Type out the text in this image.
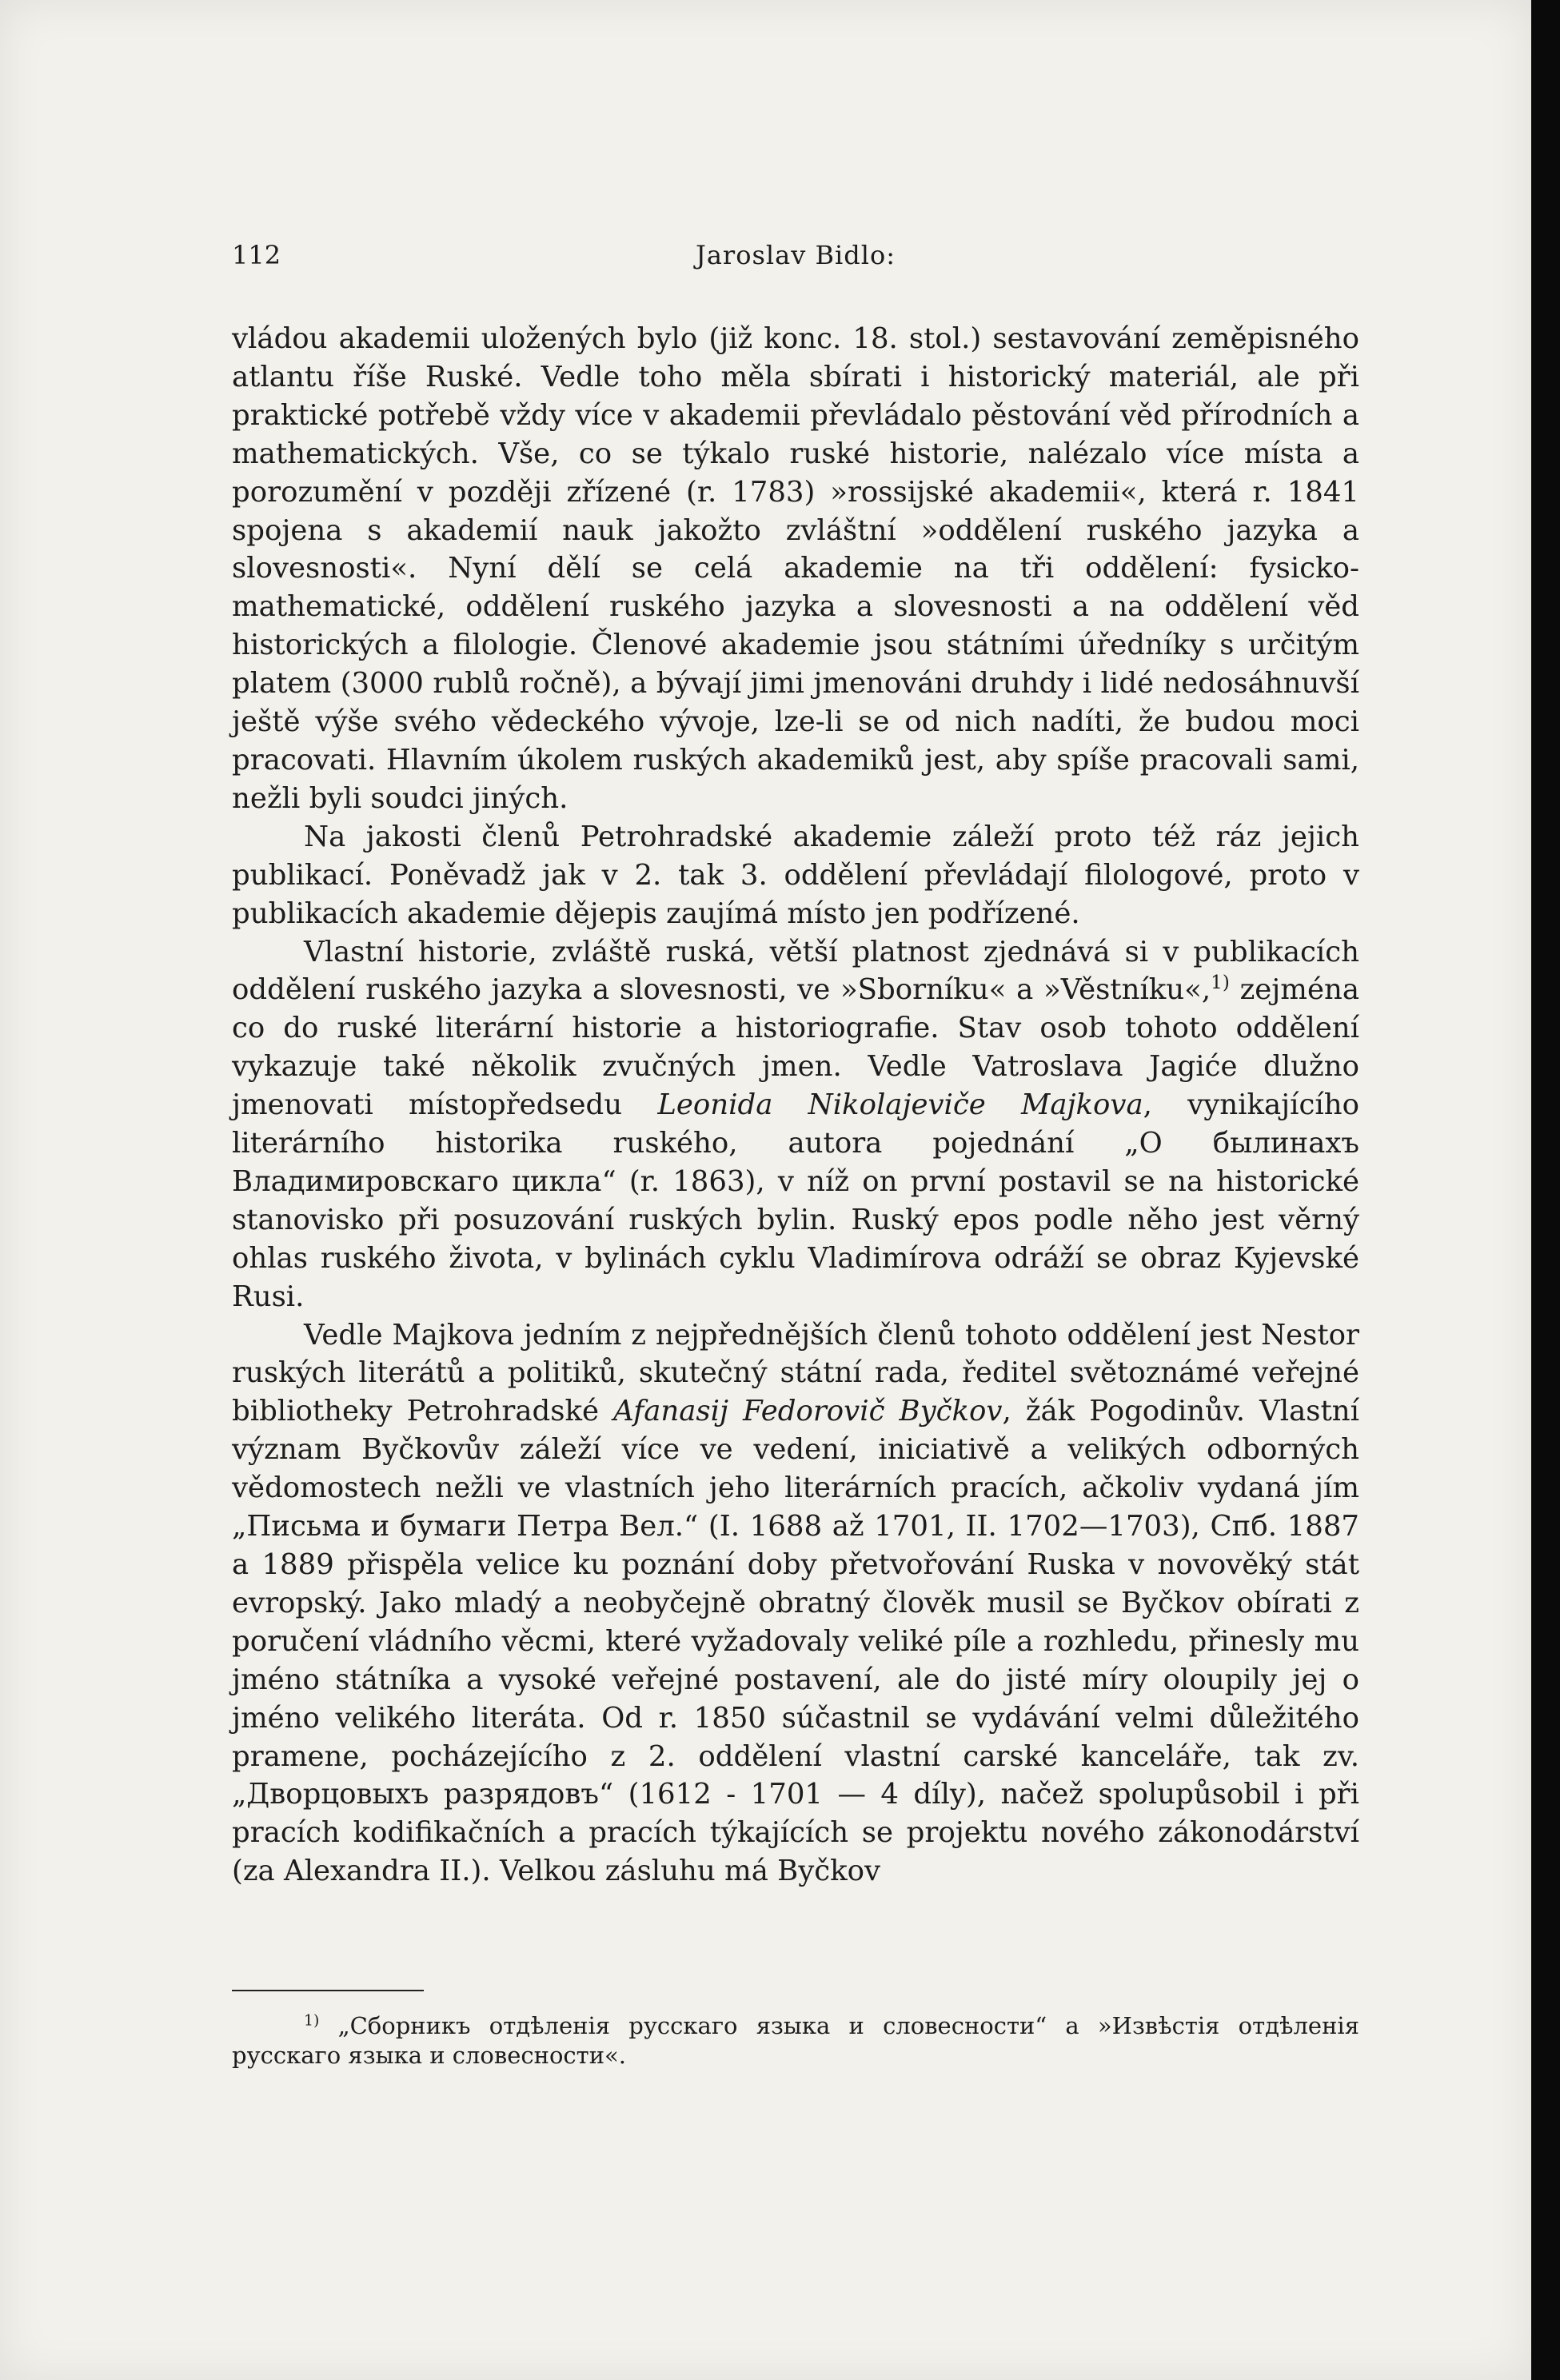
112	Jaroslav Bidlo:

vládou akademii uložených bylo (již konc. 18. stol.) sestavování zeměpisného atlantu říše Ruské. Vedle toho měla sbírati i historický materiál, ale při praktické potřebě vždy více v akademii převládalo pěstování věd přírodních a mathematických. Vše, co se týkalo ruské historie, nalézalo více místa a porozumění v později zřízené (r. 1783) »rossijské akademii«, která r. 1841 spojena s akademií nauk jakožto zvláštní »oddělení ruského jazyka a slovesnosti«. Nyní dělí se celá akademie na tři oddělení: fysicko-mathematické, oddělení ruského jazyka a slovesnosti a na oddělení věd historických a filologie. Členové akademie jsou státními úředníky s určitým platem (3000 rublů ročně), a bývají jimi jmenováni druhdy i lidé nedosáhnuvší ještě výše svého vědeckého vývoje, lze-li se od nich nadíti, že budou moci pracovati. Hlavním úkolem ruských akademiků jest, aby spíše pracovali sami, nežli byli soudci jiných.

Na jakosti členů Petrohradské akademie záleží proto též ráz jejich publikací. Poněvadž jak v 2. tak 3. oddělení převládají filologové, proto v publikacích akademie dějepis zaujímá místo jen podřízené.

Vlastní historie, zvláště ruská, větší platnost zjednává si v publikacích oddělení ruského jazyka a slovesnosti, ve »Sborníku« a »Věstníku«,$^{1)}$ zejména co do ruské literární historie a historiografie. Stav osob tohoto oddělení vykazuje také několik zvučných jmen. Vedle Vatroslava Jagiće dlužno jmenovati místopředsedu Leonida Nikolajeviče Majkova, vynikajícího literárního historika ruského, autora pojednání „О былинахъ Владимировскаго цикла“ (r. 1863), v níž on první postavil se na historické stanovisko při posuzování ruských bylin. Ruský epos podle něho jest věrný ohlas ruského života, v bylinách cyklu Vladimírova odráží se obraz Kyjevské Rusi.

Vedle Majkova jedním z nejpřednějších členů tohoto oddělení jest Nestor ruských literátů a politiků, skutečný státní rada, ředitel světoznámé veřejné bibliotheky Petrohradské Afanasij Fedorovič Byčkov, žák Pogodinův. Vlastní význam Byčkovův záleží více ve vedení, iniciativě a velikých odborných vědomostech nežli ve vlastních jeho literárních pracích, ačkoliv vydaná jím „Письма и бумаги Петра Вел.“ (I. 1688 až 1701, II. 1702—1703), Спб. 1887 a 1889 přispěla velice ku poznání doby přetvořování Ruska v novověký stát evropský. Jako mladý a neobyčejně obratný člověk musil se Byčkov obírati z poručení vládního věcmi, které vyžadovaly veliké píle a rozhledu, přinesly mu jméno státníka a vysoké veřejné postavení, ale do jisté míry oloupily jej o jméno velikého literáta. Od r. 1850 súčastnil se vydávání velmi důležitého pramene, pocházejícího z 2. oddělení vlastní carské kanceláře, tak zv. „Дворцовыхъ разрядовъ“ (1612 - 1701 — 4 díly), načež spolupůsobil i při pracích kodifikačních a pracích týkajících se projektu nového zákonodárství (za Alexandra II.). Velkou zásluhu má Byčkov

$^{1)}$ „Сборникъ отдѣленія русскаго языка и словесности“ a »Извѣстія отдѣленія русскаго языка и словесности«.
